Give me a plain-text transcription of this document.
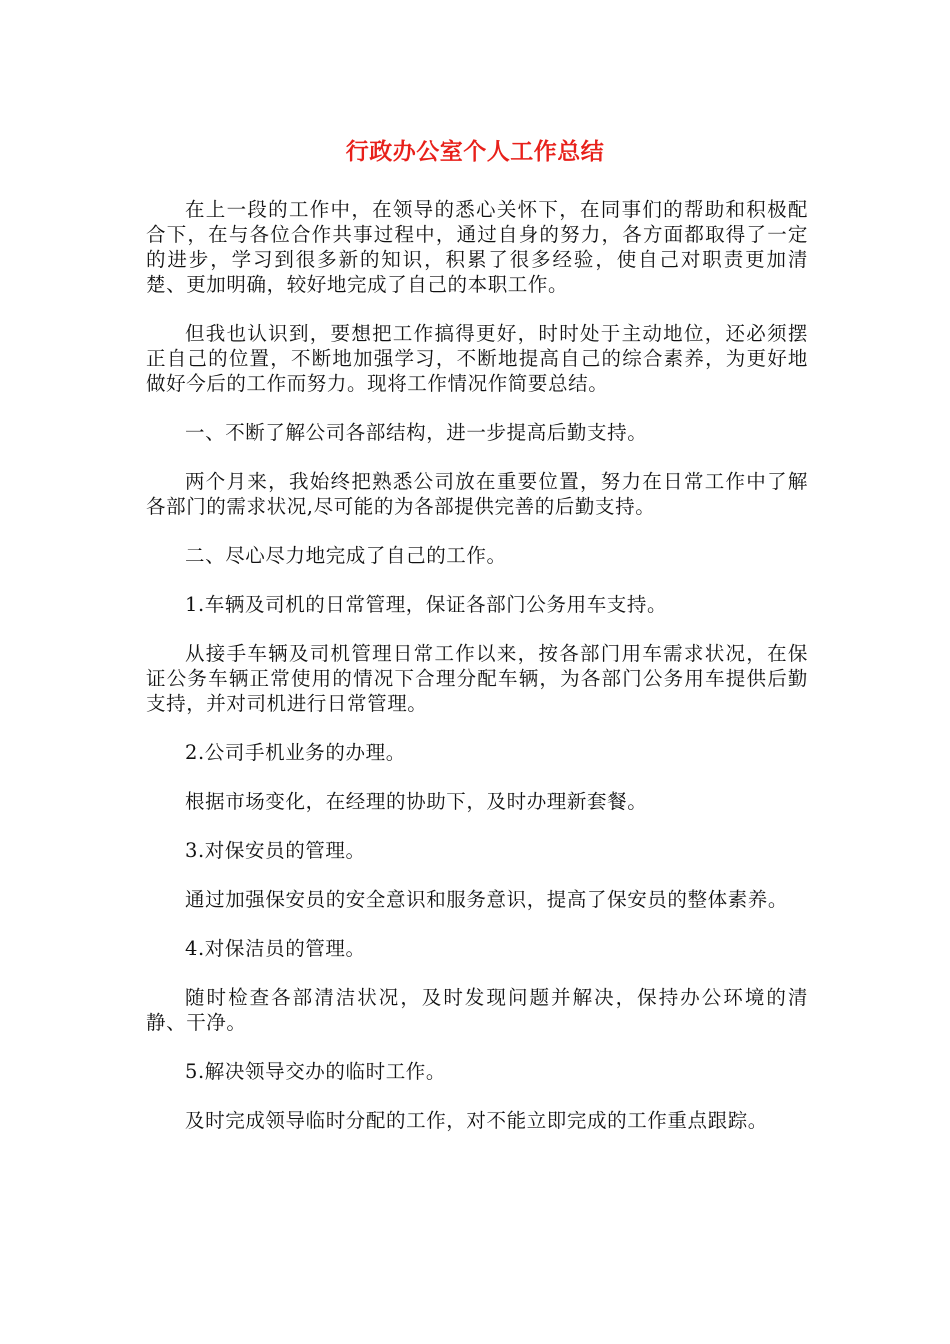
行政办公室个人工作总结

在上一段的工作中，在领导的悉心关怀下，在同事们的帮助和积极配合下，在与各位合作共事过程中，通过自身的努力，各方面都取得了一定的进步，学习到很多新的知识，积累了很多经验，使自己对职责更加清楚、更加明确，较好地完成了自己的本职工作。

但我也认识到，要想把工作搞得更好，时时处于主动地位，还必须摆正自己的位置，不断地加强学习，不断地提高自己的综合素养，为更好地做好今后的工作而努力。现将工作情况作简要总结。

一、不断了解公司各部结构，进一步提高后勤支持。

两个月来，我始终把熟悉公司放在重要位置，努力在日常工作中了解各部门的需求状况,尽可能的为各部提供完善的后勤支持。

二、尽心尽力地完成了自己的工作。

1.车辆及司机的日常管理，保证各部门公务用车支持。

从接手车辆及司机管理日常工作以来，按各部门用车需求状况，在保证公务车辆正常使用的情况下合理分配车辆，为各部门公务用车提供后勤支持，并对司机进行日常管理。

2.公司手机业务的办理。

根据市场变化，在经理的协助下，及时办理新套餐。

3.对保安员的管理。

通过加强保安员的安全意识和服务意识，提高了保安员的整体素养。

4.对保洁员的管理。

随时检查各部清洁状况，及时发现问题并解决，保持办公环境的清静、干净。

5.解决领导交办的临时工作。

及时完成领导临时分配的工作，对不能立即完成的工作重点跟踪。
